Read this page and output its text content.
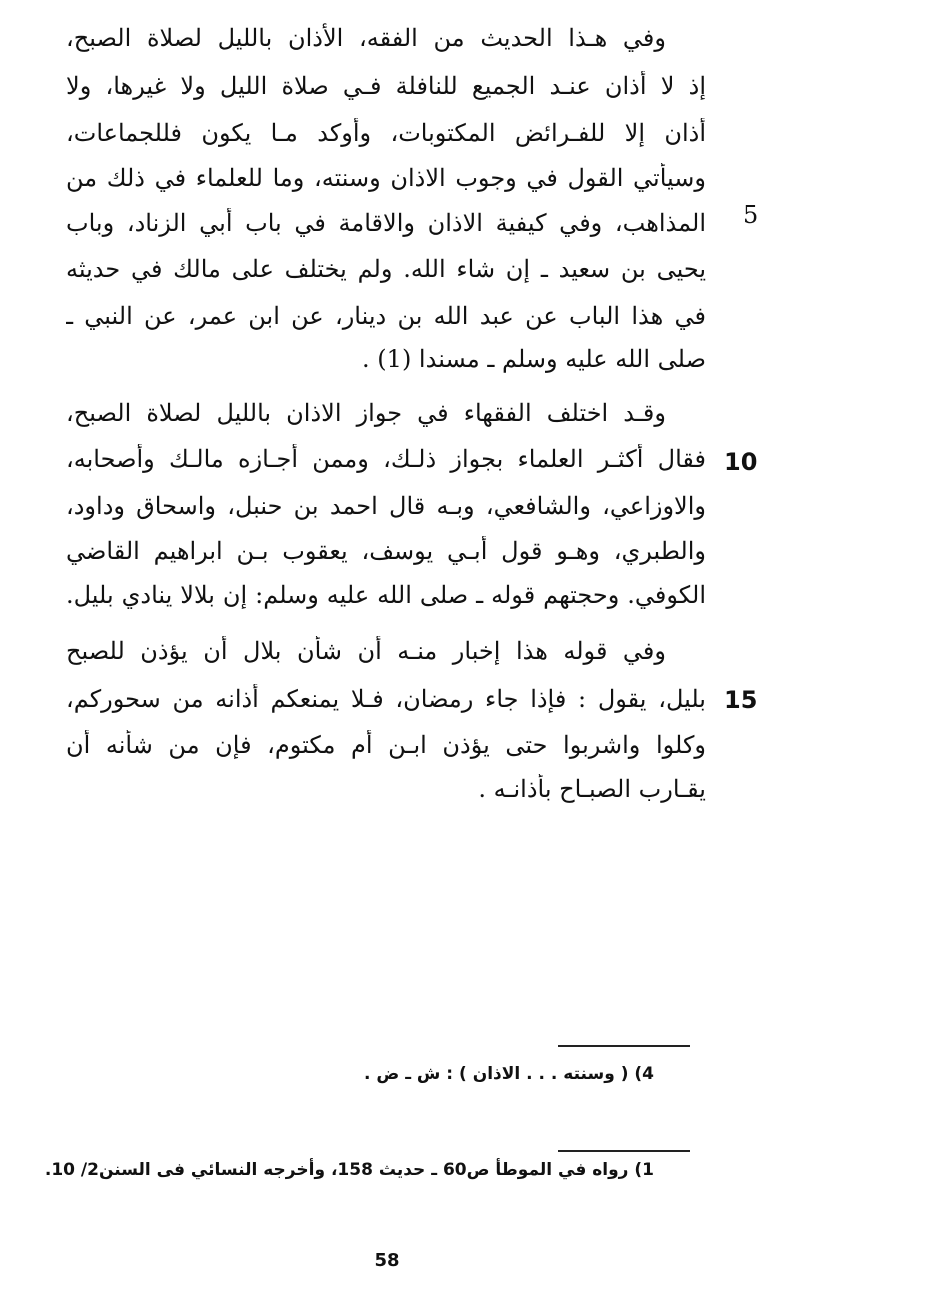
وفي هـذا الحديث من الفقه، الأذان بالليل لصلاة الصبح،
إذ لا أذان عنـد الجميع للنافلة فـي صلاة الليل ولا غيرها، ولا
أذان إلا للفـرائض المكتوبات، وأوكد مـا يكون فللجماعات،
وسيأتي القول في وجوب الاذان وسنته، وما للعلماء في ذلك من
المذاهب، وفي كيفية الاذان والاقامة في باب أبي الزناد، وباب
يحيى بن سعيد ـ إن شاء الله. ولم يختلف على مالك في حديثه
في هذا الباب عن عبد الله بن دينار، عن ابن عمر، عن النبي ـ
صلى الله عليه وسلم ـ مسندا (1) .
وقـد اختلف الفقهاء في جواز الاذان بالليل لصلاة الصبح،
فقال أكثـر العلماء بجواز ذلـك، وممن أجـازه مالـك وأصحابه،
والاوزاعي، والشافعي، وبـه قال احمد بن حنبل، واسحاق وداود،
والطبري، وهـو قول أبـي يوسف، يعقوب بـن ابراهيم القاضي
الكوفي. وحجتهم قوله ـ صلى الله عليه وسلم: إن بلالا ينادي بليل.
وفي قوله هذا إخبار منـه أن شأن بلال أن يؤذن للصبح
بليل، يقول : فإذا جاء رمضان، فـلا يمنعكم أذانه من سحوركم،
وكلوا واشربوا حتى يؤذن ابـن أم مكتوم، فإن من شأنه أن
يقـارب الصبـاح بأذانـه .
5
10
15
4) ( وسنته . . . الاذان ) : ش ـ ض .
1) رواه في الموطأ ص60 ـ حديث 158، وأخرجه النسائي فى السنن2/ 10.
58
